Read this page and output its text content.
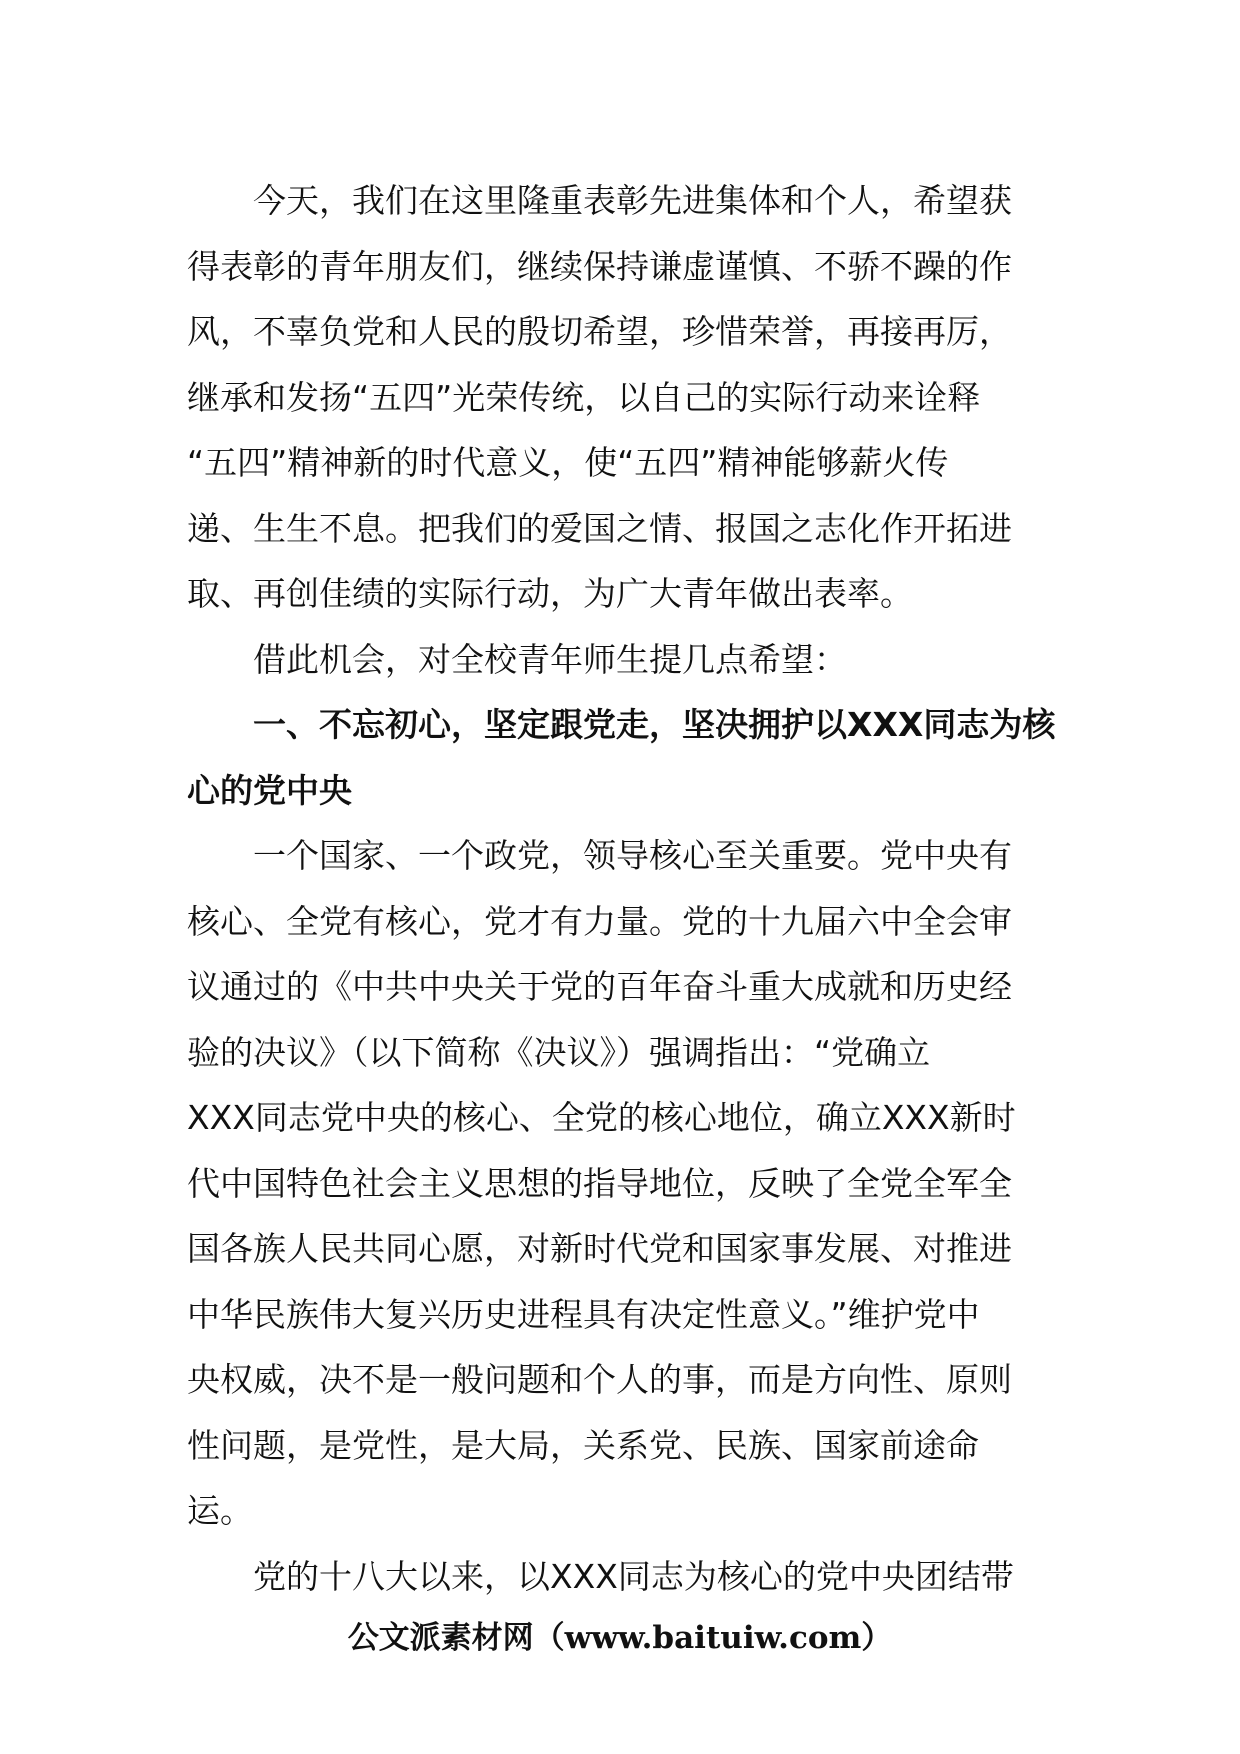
今天，我们在这里隆重表彰先进集体和个人，希望获
得表彰的青年朋友们，继续保持谦虚谨慎、不骄不躁的作
风，不辜负党和人民的殷切希望，珍惜荣誉，再接再厉，
继承和发扬“五四”光荣传统，以自己的实际行动来诠释
“五四”精神新的时代意义，使“五四”精神能够薪火传
递、生生不息。把我们的爱国之情、报国之志化作开拓进
取、再创佳绩的实际行动，为广大青年做出表率。
借此机会，对全校青年师生提几点希望：
一、不忘初心，坚定跟党走，坚决拥护以XXX同志为核
心的党中央
一个国家、一个政党，领导核心至关重要。党中央有
核心、全党有核心，党才有力量。党的十九届六中全会审
议通过的《中共中央关于党的百年奋斗重大成就和历史经
验的决议》（以下简称《决议》）强调指出：“党确立
XXX同志党中央的核心、全党的核心地位，确立XXX新时
代中国特色社会主义思想的指导地位，反映了全党全军全
国各族人民共同心愿，对新时代党和国家事发展、对推进
中华民族伟大复兴历史进程具有决定性意义。”维护党中
央权威，决不是一般问题和个人的事，而是方向性、原则
性问题，是党性，是大局，关系党、民族、国家前途命
运。
党的十八大以来，以XXX同志为核心的党中央团结带
公文派素材网（www.baituiw.com）
